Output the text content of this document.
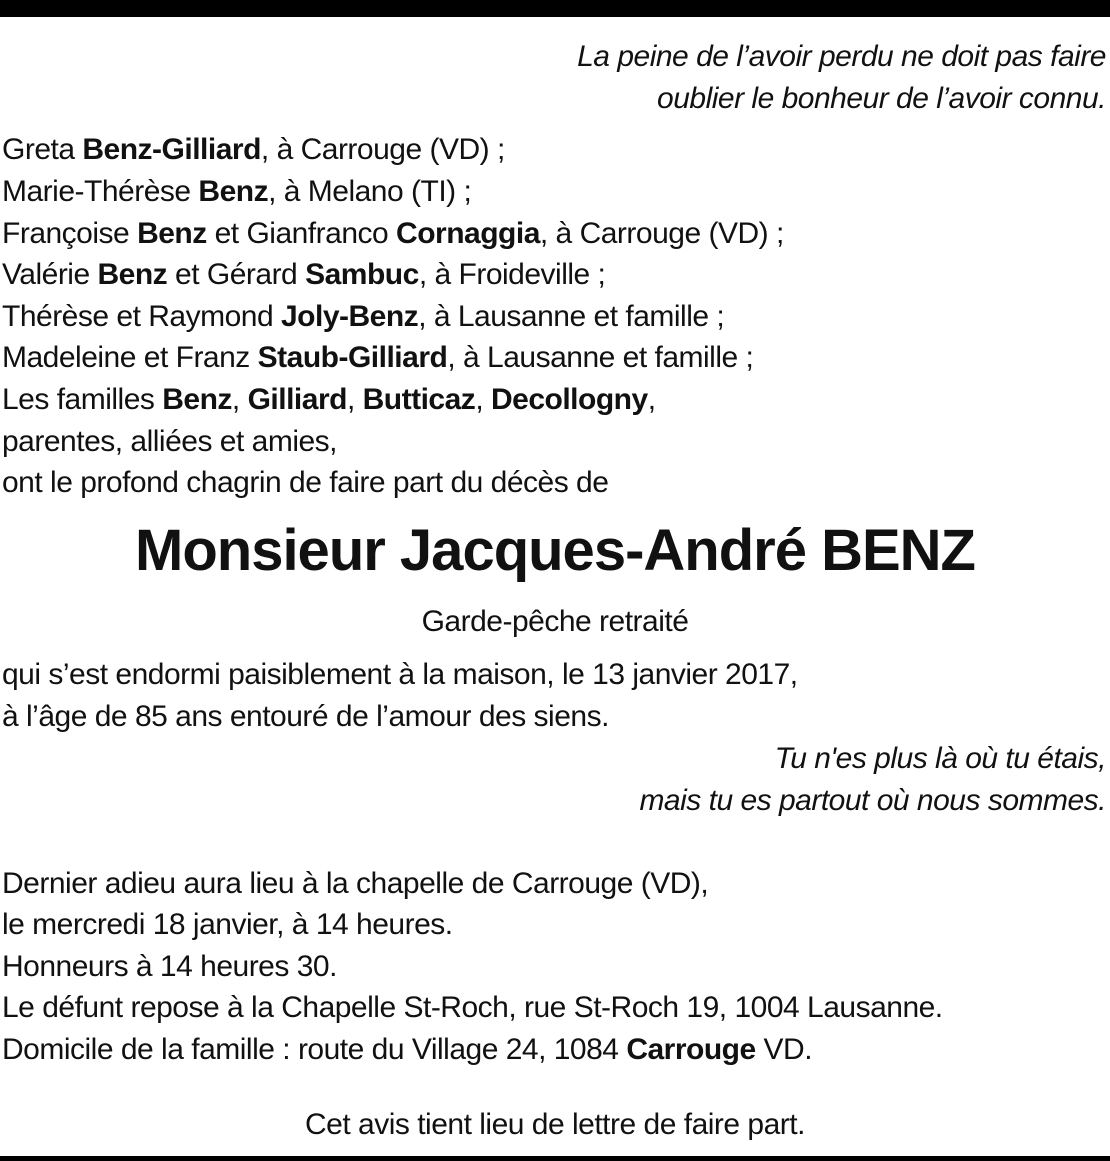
La peine de l’avoir perdu ne doit pas faire
oublier le bonheur de l’avoir connu.
Greta Benz-Gilliard, à Carrouge (VD) ;
Marie-Thérèse Benz, à Melano (TI) ;
Françoise Benz et Gianfranco Cornaggia, à Carrouge (VD) ;
Valérie Benz et Gérard Sambuc, à Froideville ;
Thérèse et Raymond Joly-Benz, à Lausanne et famille ;
Madeleine et Franz Staub-Gilliard, à Lausanne et famille ;
Les familles Benz, Gilliard, Butticaz, Decollogny,
parentes, alliées et amies,
ont le profond chagrin de faire part du décès de
Monsieur Jacques-André BENZ
Garde-pêche retraité
qui s’est endormi paisiblement à la maison, le 13 janvier 2017,
à l’âge de 85 ans entouré de l’amour des siens.
Tu n'es plus là où tu étais,
mais tu es partout où nous sommes.
Dernier adieu aura lieu à la chapelle de Carrouge (VD),
le mercredi 18 janvier, à 14 heures.
Honneurs à 14 heures 30.
Le défunt repose à la Chapelle St-Roch, rue St-Roch 19, 1004 Lausanne.
Domicile de la famille : route du Village 24, 1084 Carrouge VD.
Cet avis tient lieu de lettre de faire part.
